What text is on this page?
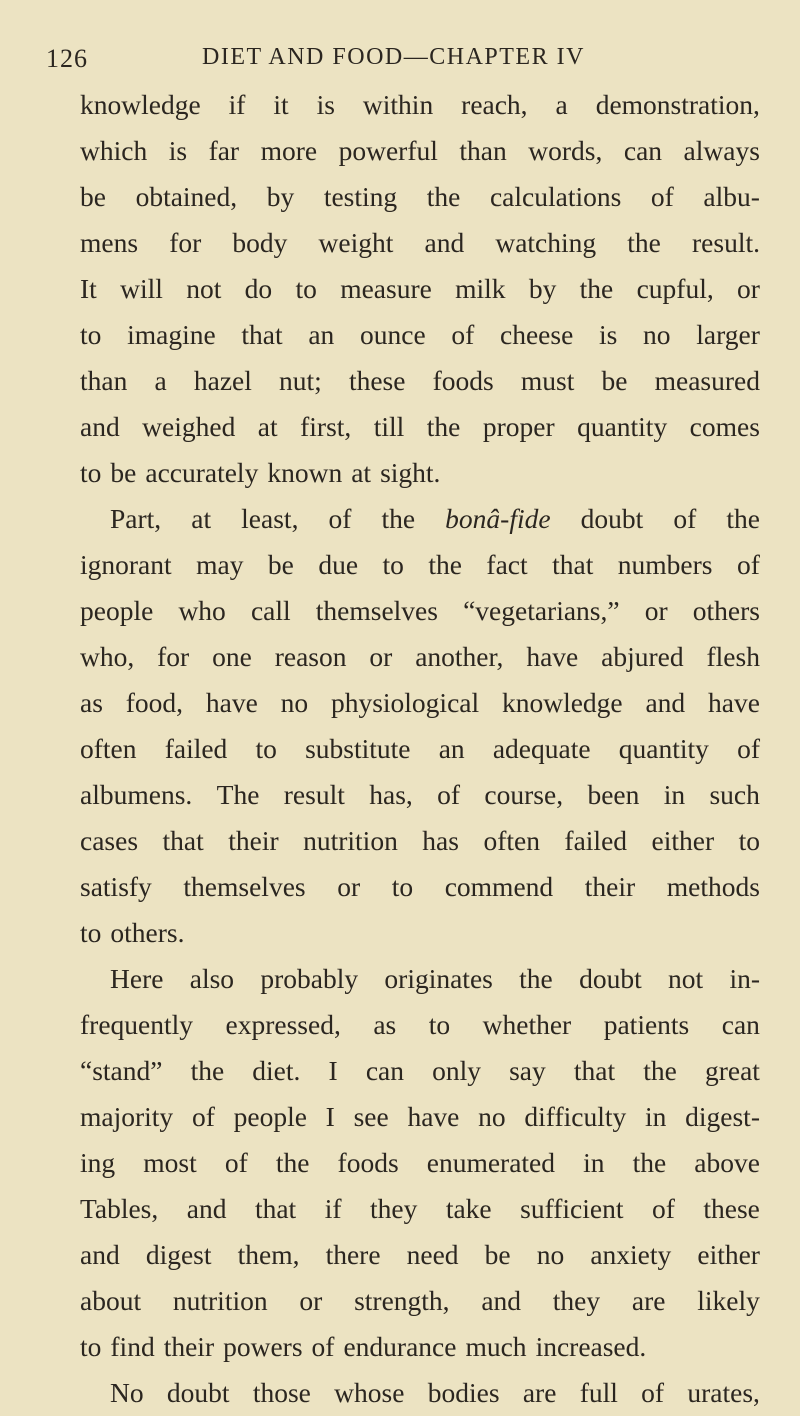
126	DIET AND FOOD—CHAPTER IV
knowledge if it is within reach, a demonstration,
which is far more powerful than words, can always
be obtained, by testing the calculations of albu-
mens for body weight and watching the result.
It will not do to measure milk by the cupful, or
to imagine that an ounce of cheese is no larger
than a hazel nut; these foods must be measured
and weighed at first, till the proper quantity comes
to be accurately known at sight.
Part, at least, of the bonâ-fide doubt of the
ignorant may be due to the fact that numbers of
people who call themselves “vegetarians,” or others
who, for one reason or another, have abjured flesh
as food, have no physiological knowledge and have
often failed to substitute an adequate quantity of
albumens. The result has, of course, been in such
cases that their nutrition has often failed either to
satisfy themselves or to commend their methods
to others.
Here also probably originates the doubt not in-
frequently expressed, as to whether patients can
“stand” the diet. I can only say that the great
majority of people I see have no difficulty in digest-
ing most of the foods enumerated in the above
Tables, and that if they take sufficient of these
and digest them, there need be no anxiety either
about nutrition or strength, and they are likely
to find their powers of endurance much increased.
No doubt those whose bodies are full of urates,
